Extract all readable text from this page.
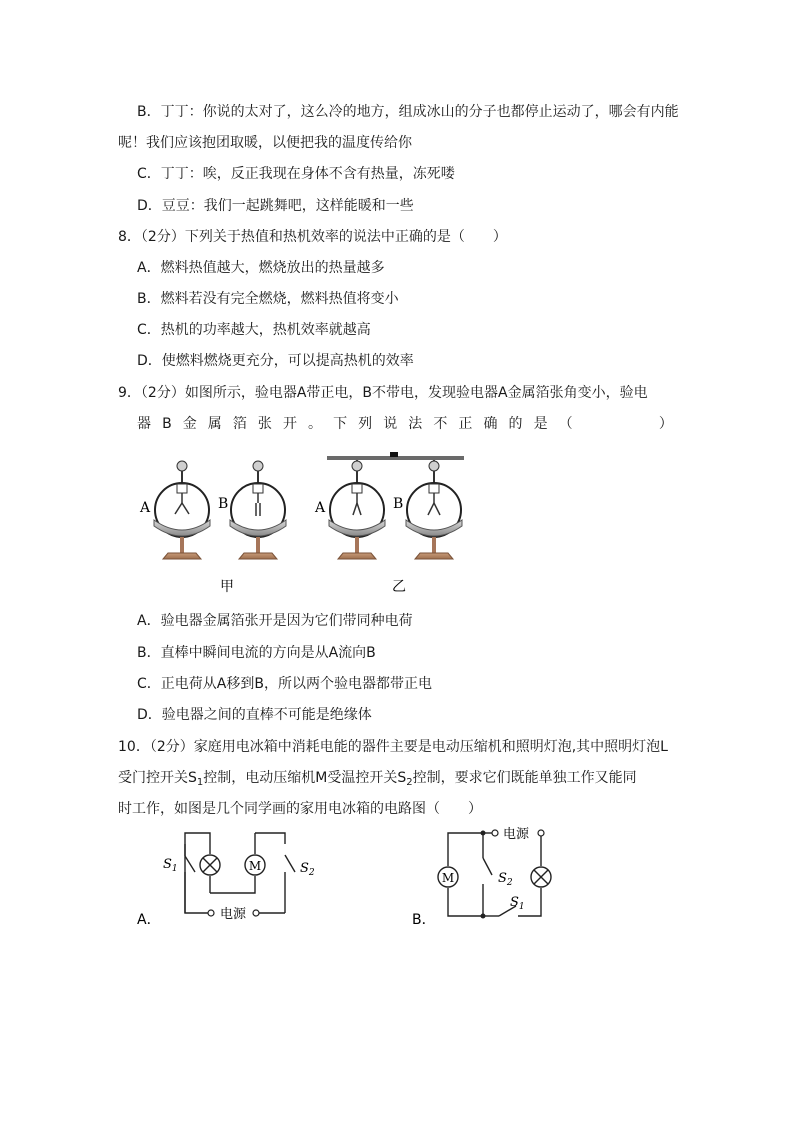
B．丁丁：你说的太对了，这么冷的地方，组成冰山的分子也都停止运动了，哪会有内能
呢！我们应该抱团取暖，以便把我的温度传给你
C．丁丁：唉，反正我现在身体不含有热量，冻死喽
D．豆豆：我们一起跳舞吧，这样能暖和一些
8．（2分）下列关于热值和热机效率的说法中正确的是（　　）
A．燃料热值越大，燃烧放出的热量越多
B．燃料若没有完全燃烧，燃料热值将变小
C．热机的功率越大，热机效率就越高
D．使燃料燃烧更充分，可以提高热机的效率
9．（2分）如图所示，验电器A带正电，B不带电，发现验电器A金属箔张角变小，验电
器 B 金 属 箔 张 开 。 下 列 说 法 不 正 确 的 是 （

　	）
A	B	A	B
甲	乙
A．验电器金属箔张开是因为它们带同种电荷
B．直棒中瞬间电流的方向是从A流向B
C．正电荷从A移到B，所以两个验电器都带正电
D．验电器之间的直棒不可能是绝缘体
10．（2分）家庭用电冰箱中消耗电能的器件主要是电动压缩机和照明灯泡,其中照明灯泡L
受门控开关$S_1$控制，电动压缩机M受温控开关$S_2$控制，要求它们既能单独工作又能同
时工作，如图是几个同学画的家用电冰箱的电路图（　　）
M
电源
$S_1$	$S_2$
A．
电源
M	$S_2$
$S_1$
B．
